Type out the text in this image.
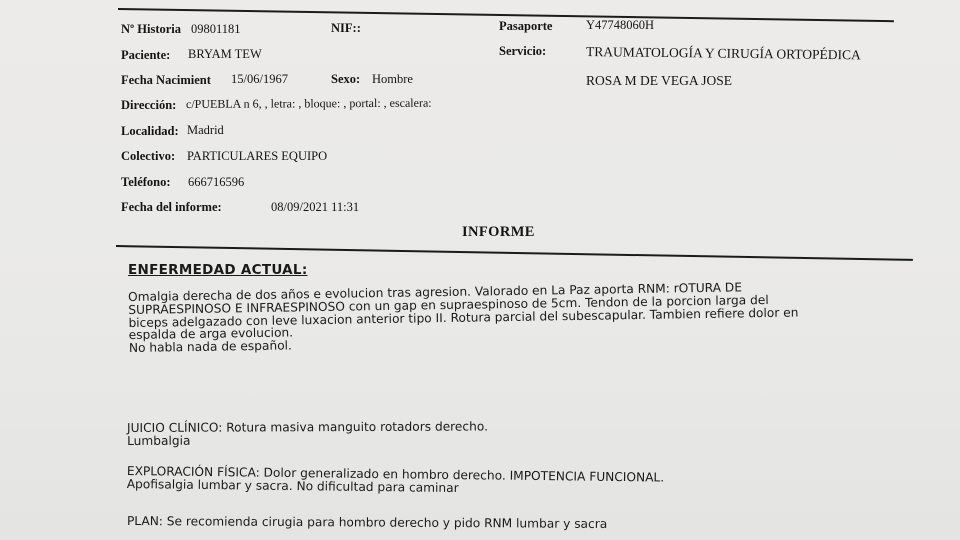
Nº Historia 09801181	NIF::	Pasaporte	Y47748060H
Paciente: BRYAM TEW	Servicio:	TRAUMATOLOGÍA Y CIRUGÍA ORTOPÉDICA
Fecha Nacimient 15/06/1967	Sexo: Hombre	ROSA M DE VEGA JOSE
Dirección: c/PUEBLA n 6, , letra: , bloque: , portal: , escalera:
Localidad: Madrid
Colectivo: PARTICULARES EQUIPO
Teléfono: 666716596
Fecha del informe:	08/09/2021 11:31
INFORME
ENFERMEDAD ACTUAL:
Omalgia derecha de dos años e evolucion tras agresion. Valorado en La Paz aporta RNM: rOTURA DE
SUPRAESPINOSO E INFRAESPINOSO con un gap en supraespinoso de 5cm. Tendon de la porcion larga del
biceps adelgazado con leve luxacion anterior tipo II. Rotura parcial del subescapular. Tambien refiere dolor en
espalda de arga evolucion.
No habla nada de español.
JUICIO CLÍNICO: Rotura masiva manguito rotadors derecho.
Lumbalgia
EXPLORACIÓN FÍSICA: Dolor generalizado en hombro derecho. IMPOTENCIA FUNCIONAL.
Apofisalgia lumbar y sacra. No dificultad para caminar
PLAN: Se recomienda cirugia para hombro derecho y pido RNM lumbar y sacra
